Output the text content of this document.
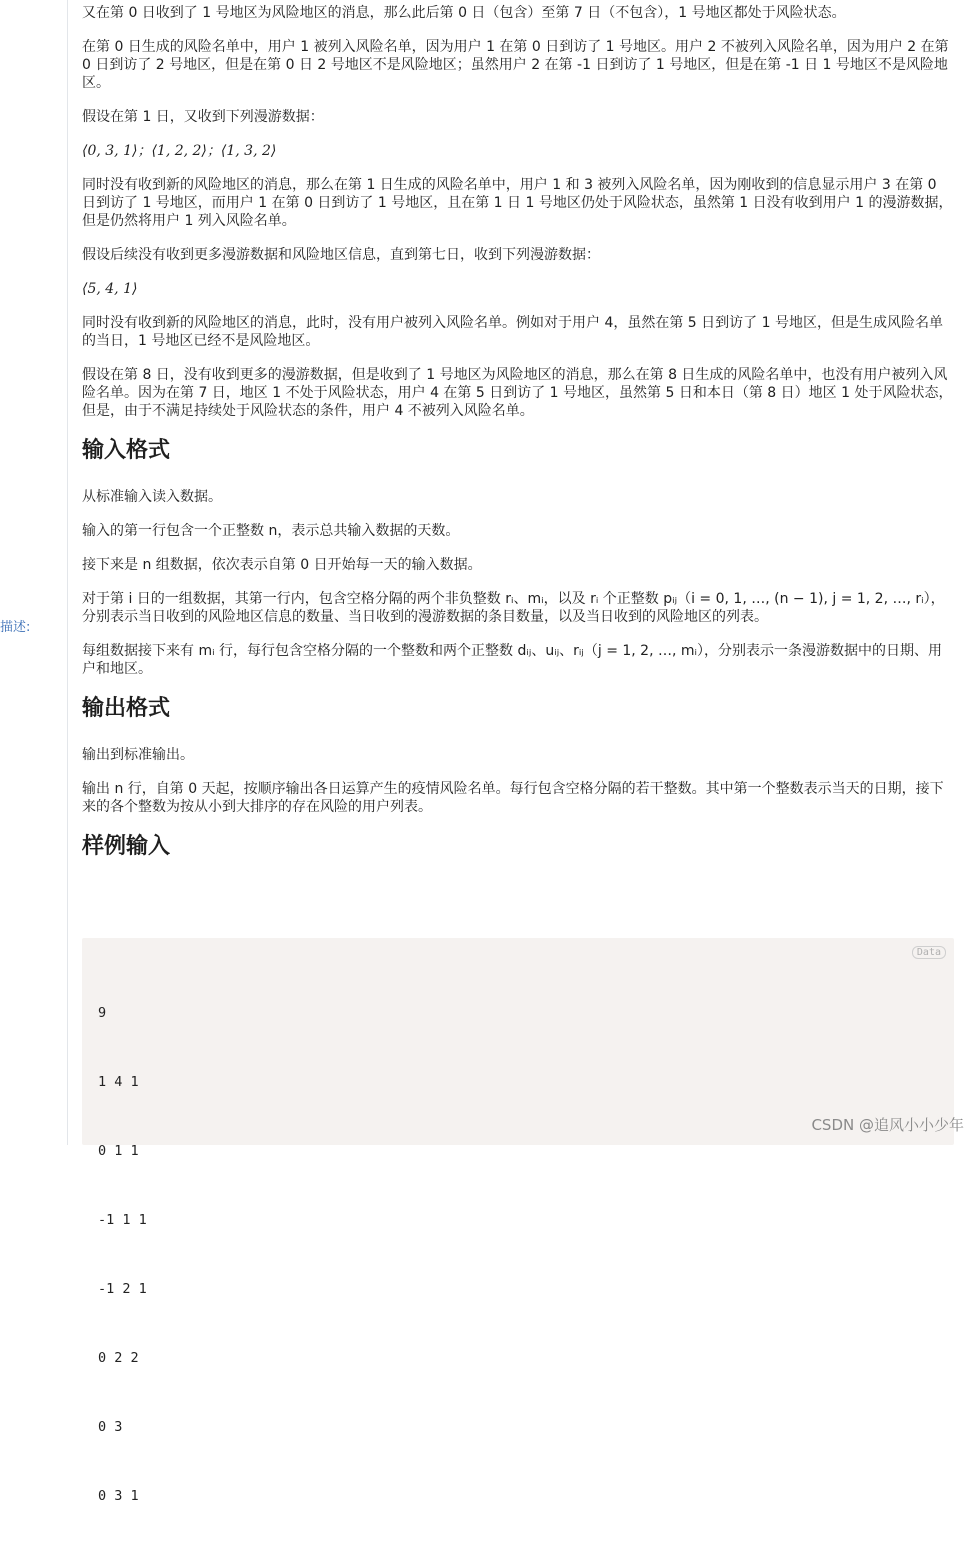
描述:

又在第 0 日收到了 1 号地区为风险地区的消息，那么此后第 0 日（包含）至第 7 日（不包含），1 号地区都处于风险状态。

在第 0 日生成的风险名单中，用户 1 被列入风险名单，因为用户 1 在第 0 日到访了 1 号地区。用户 2 不被列入风险名单，因为用户 2 在第 0 日到访了 2 号地区，但是在第 0 日 2 号地区不是风险地区；虽然用户 2 在第 -1 日到访了 1 号地区，但是在第 -1 日 1 号地区不是风险地区。

假设在第 1 日，又收到下列漫游数据：

⟨0, 3, 1⟩；⟨1, 2, 2⟩；⟨1, 3, 2⟩

同时没有收到新的风险地区的消息，那么在第 1 日生成的风险名单中，用户 1 和 3 被列入风险名单，因为刚收到的信息显示用户 3 在第 0 日到访了 1 号地区，而用户 1 在第 0 日到访了 1 号地区，且在第 1 日 1 号地区仍处于风险状态，虽然第 1 日没有收到用户 1 的漫游数据，但是仍然将用户 1 列入风险名单。

假设后续没有收到更多漫游数据和风险地区信息，直到第七日，收到下列漫游数据：

⟨5, 4, 1⟩

同时没有收到新的风险地区的消息，此时，没有用户被列入风险名单。例如对于用户 4，虽然在第 5 日到访了 1 号地区，但是生成风险名单的当日，1 号地区已经不是风险地区。

假设在第 8 日，没有收到更多的漫游数据，但是收到了 1 号地区为风险地区的消息，那么在第 8 日生成的风险名单中，也没有用户被列入风险名单。因为在第 7 日，地区 1 不处于风险状态，用户 4 在第 5 日到访了 1 号地区，虽然第 5 日和本日（第 8 日）地区 1 处于风险状态，但是，由于不满足持续处于风险状态的条件，用户 4 不被列入风险名单。

输入格式

从标准输入读入数据。

输入的第一行包含一个正整数 n，表示总共输入数据的天数。

接下来是 n 组数据，依次表示自第 0 日开始每一天的输入数据。

对于第 i 日的一组数据，其第一行内，包含空格分隔的两个非负整数 rᵢ、mᵢ，以及 rᵢ 个正整数 pᵢⱼ（i = 0, 1, …, (n − 1), j = 1, 2, …, rᵢ），分别表示当日收到的风险地区信息的数量、当日收到的漫游数据的条目数量，以及当日收到的风险地区的列表。

每组数据接下来有 mᵢ 行，每行包含空格分隔的一个整数和两个正整数 dᵢⱼ、uᵢⱼ、rᵢⱼ（j = 1, 2, …, mᵢ），分别表示一条漫游数据中的日期、用户和地区。

输出格式

输出到标准输出。

输出 n 行，自第 0 天起，按顺序输出各日运算产生的疫情风险名单。每行包含空格分隔的若干整数。其中第一个整数表示当天的日期，接下来的各个整数为按从小到大排序的存在风险的用户列表。

样例输入
Data

9

1 4 1

0 1 1

-1 1 1

-1 2 1

0 2 2

0 3

0 3 1

CSDN @追风小小少年
